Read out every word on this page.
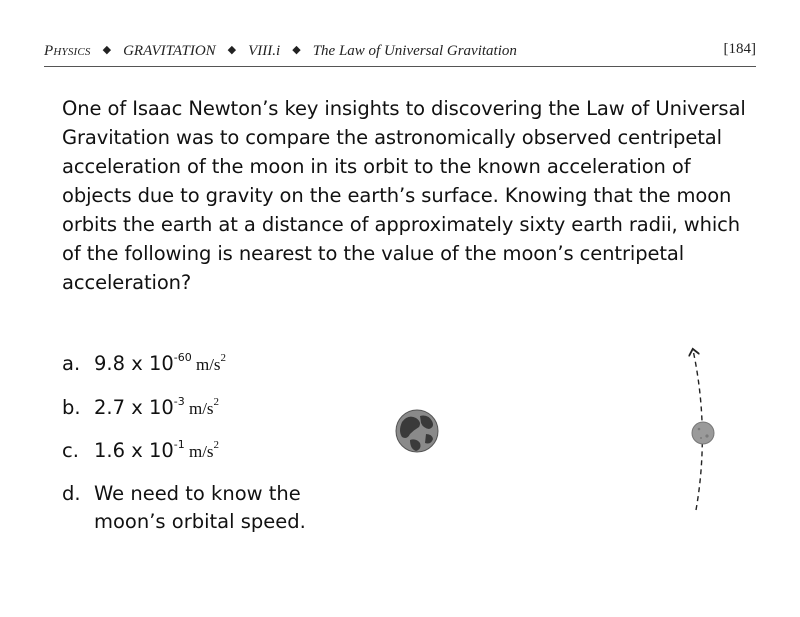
Physics ◆ GRAVITATION ◆ VIII.i ◆ The Law of Universal Gravitation	[184]

One of Isaac Newton’s key insights to discovering the Law of Universal Gravitation was to compare the astronomically observed centripetal acceleration of the moon in its orbit to the known acceleration of objects due to gravity on the earth’s surface. Knowing that the moon orbits the earth at a distance of approximately sixty earth radii, which of the following is nearest to the value of the moon’s centripetal acceleration?

a. 9.8 x $10^{-60}$ $m/s^2$
b. 2.7 x $10^{-3}$ $m/s^2$
c. 1.6 x $10^{-1}$ $m/s^2$
d. We need to know the moon’s orbital speed.
